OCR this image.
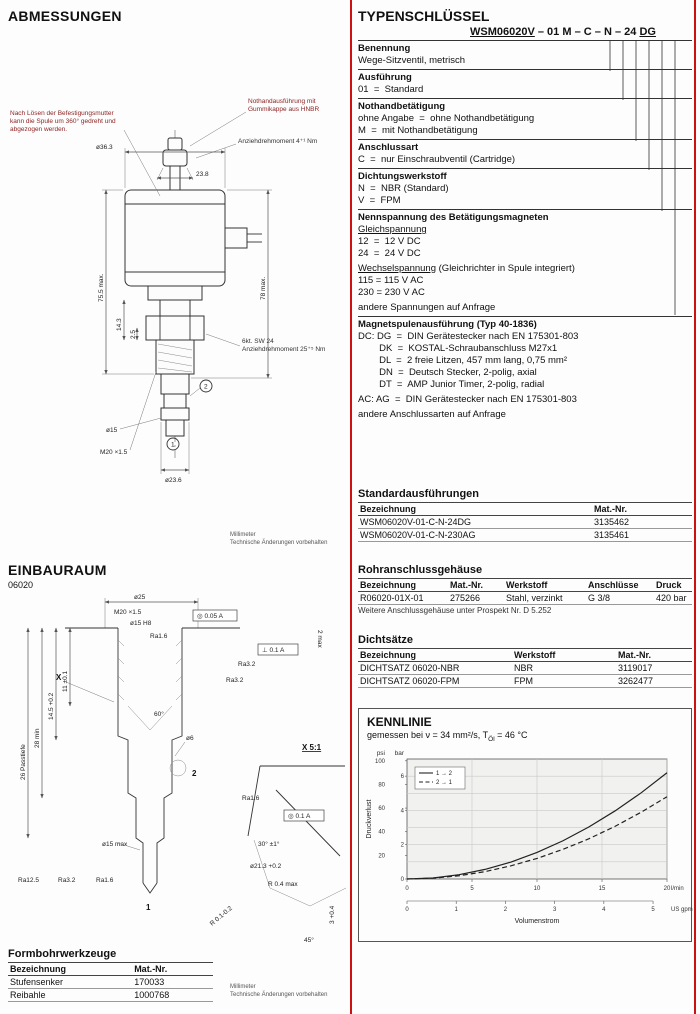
ABMESSUNGEN
ø36.3
23.8
78 max.
75.5 max.
14.3
2.5
2
1
ø15
M20 ×1.5
ø23.6
Nach Lösen der Befestigungsmutter kann die Spule um 360° gedreht und abgezogen werden.
Nothandausführung mit Gummikappe aus HNBR
Anziehdrehmoment 4⁺¹ Nm
6kt. SW 24
Anziehdrehmoment 25⁺⁵ Nm
Millimeter
Technische Änderungen vorbehalten
EINBAURAUM
06020
ø25
M20 ×1.5
ø15 H8
◎ 0.05 A
⊥ 0.1 A
Ra1.6
Ra3.2
Ra3.2
2 max
60°
2
ø6
1
X
26 Passtiefe
28 min
14.5 +0.2
11 ±0.1
ø15 max
Ra12.5	Ra3.2	Ra1.6
X 5:1
Ra1.6
◎ 0.1 A
30° ±1°
ø21.3 +0.2
R 0.4 max
R 0.1-0.2
45°
3 +0.4
Formbohrwerkzeuge
Bezeichnung	Mat.-Nr.
Stufensenker	170033
Reibahle	1000768
Millimeter
Technische Änderungen vorbehalten
TYPENSCHLÜSSEL
WSM06020V – 01 M – C – N – 24 DG
Benennung
Wege-Sitzventil, metrisch
Ausführung
01  =  Standard
Nothandbetätigung
ohne Angabe  =  ohne Nothandbetätigung
M  =  mit Nothandbetätigung
Anschlussart
C  =  nur Einschraubventil (Cartridge)
Dichtungswerkstoff
N  =  NBR (Standard)
V  =  FPM
Nennspannung des Betätigungsmagneten
Gleichspannung
12  =  12 V DC
24  =  24 V DC
Wechselspannung (Gleichrichter in Spule integriert)
115 = 115 V AC
230 = 230 V AC
andere Spannungen auf Anfrage
Magnetspulenausführung (Typ 40-1836)
DC: DG  =  DIN Gerätestecker nach EN 175301-803
DK  =  KOSTAL-Schraubanschluss M27x1
DL  =  2 freie Litzen, 457 mm lang, 0,75 mm²
DN  =  Deutsch Stecker, 2-polig, axial
DT  =  AMP Junior Timer, 2-polig, radial
AC: AG  =  DIN Gerätestecker nach EN 175301-803
andere Anschlussarten auf Anfrage
Standardausführungen
Bezeichnung	Mat.-Nr.
WSM06020V-01-C-N-24DG	3135462
WSM06020V-01-C-N-230AG	3135461
Rohranschlussgehäuse
Bezeichnung	Mat.-Nr.	Werkstoff	Anschlüsse	Druck
R06020-01X-01	275266	Stahl, verzinkt	G 3/8	420 bar
Weitere Anschlussgehäuse unter Prospekt Nr. D 5.252
Dichtsätze
Bezeichnung	Werkstoff	Mat.-Nr.
DICHTSATZ 06020-NBR	NBR	3119017
DICHTSATZ 06020-FPM	FPM	3262477
KENNLINIE
gemessen bei ν = 34 mm²/s, $T_{Öl} = 46$ °C
psi bar
20
40
60
80
100
0
2
4
6
0	5	10	15	20 l/min
0	1	2	3	4	5	US gpm
Volumenstrom
Druckverlust
1 → 2
2 → 1
